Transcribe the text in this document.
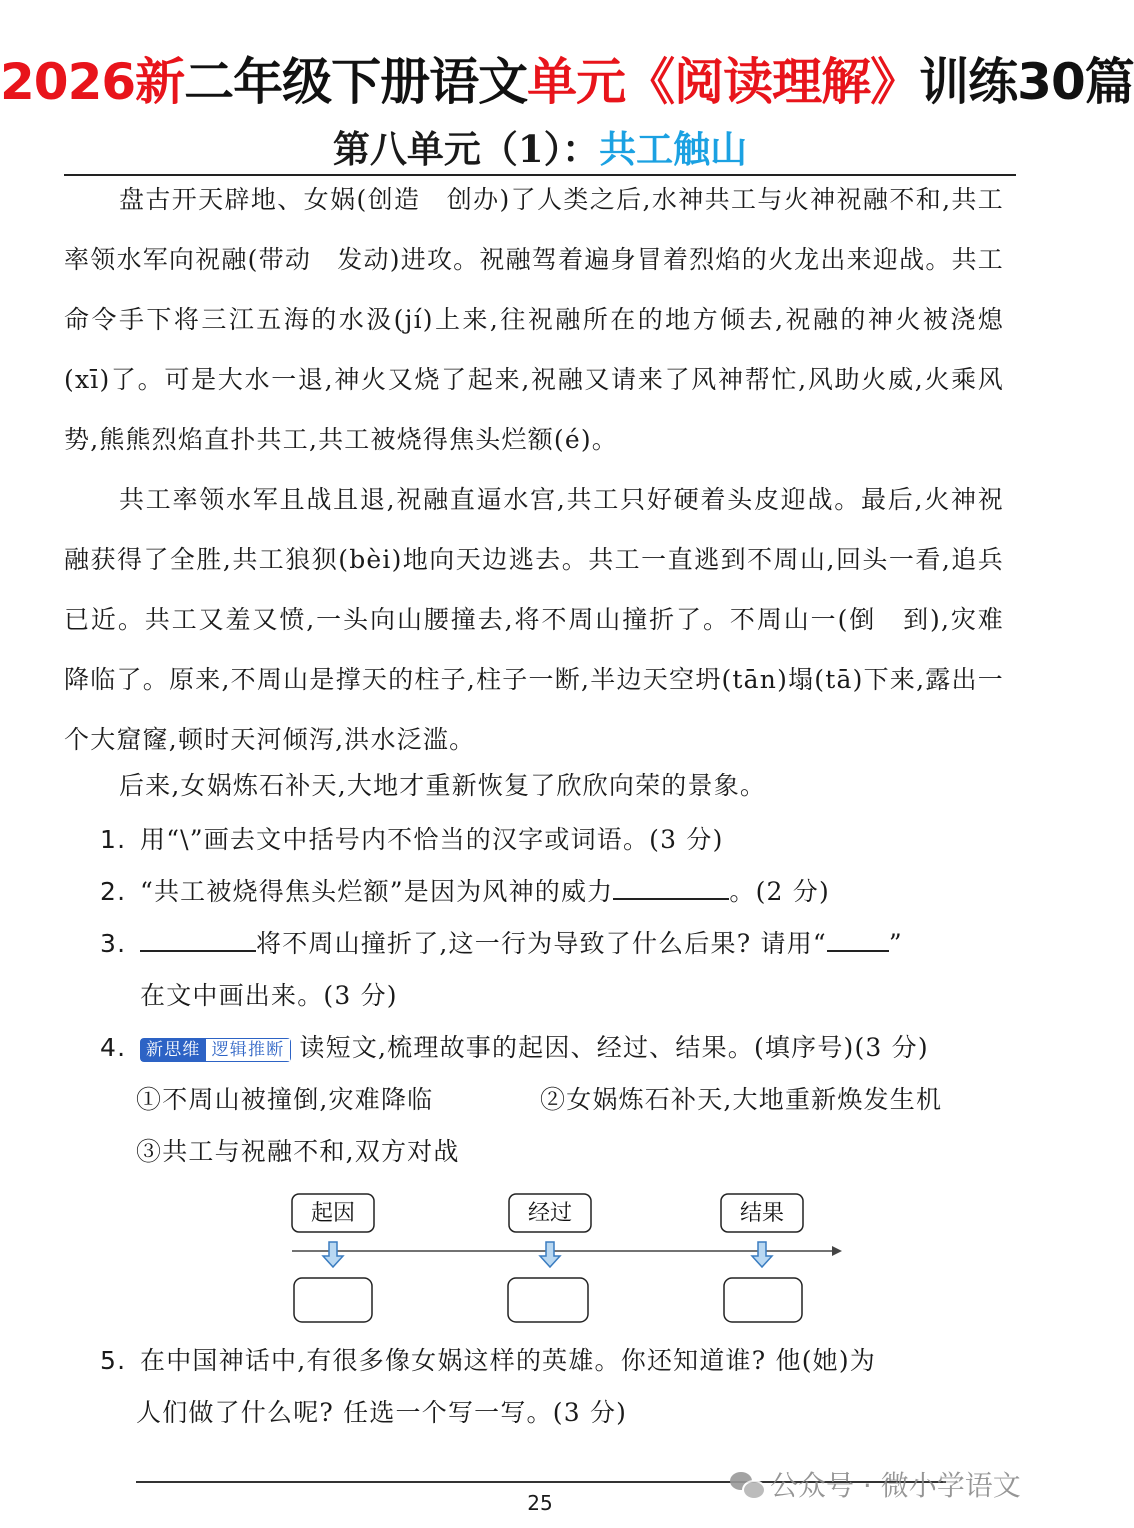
2026新二年级下册语文单元《阅读理解》训练30篇
第八单元（1）：共工触山

盘古开天辟地、女娲(创造　创办)了人类之后,水神共工与火神祝融不和,共工率领水军向祝融(带动　发动)进攻。祝融驾着遍身冒着烈焰的火龙出来迎战。共工命令手下将三江五海的水汲(jí)上来,往祝融所在的地方倾去,祝融的神火被浇熄(xī)了。可是大水一退,神火又烧了起来,祝融又请来了风神帮忙,风助火威,火乘风势,熊熊烈焰直扑共工,共工被烧得焦头烂额(é)。

共工率领水军且战且退,祝融直逼水宫,共工只好硬着头皮迎战。最后,火神祝融获得了全胜,共工狼狈(bèi)地向天边逃去。共工一直逃到不周山,回头一看,追兵已近。共工又羞又愤,一头向山腰撞去,将不周山撞折了。不周山一(倒　到),灾难降临了。原来,不周山是撑天的柱子,柱子一断,半边天空坍(tān)塌(tā)下来,露出一个大窟窿,顿时天河倾泻,洪水泛滥。

后来,女娲炼石补天,大地才重新恢复了欣欣向荣的景象。

1. 用“\”画去文中括号内不恰当的汉字或词语。(3 分)
2. “共工被烧得焦头烂额”是因为风神的威力	。(2 分)
3.	将不周山撞折了,这一行为导致了什么后果? 请用“ ”
在文中画出来。(3 分)
4. 新思维 逻辑推断 读短文,梳理故事的起因、经过、结果。(填序号)(3 分)
①不周山被撞倒,灾难降临	②女娲炼石补天,大地重新焕发生机
③共工与祝融不和,双方对战
起因	经过	结果
5. 在中国神话中,有很多像女娲这样的英雄。你还知道谁? 他(她)为
人们做了什么呢? 任选一个写一写。(3 分)
25
公众号 · 微小学语文
